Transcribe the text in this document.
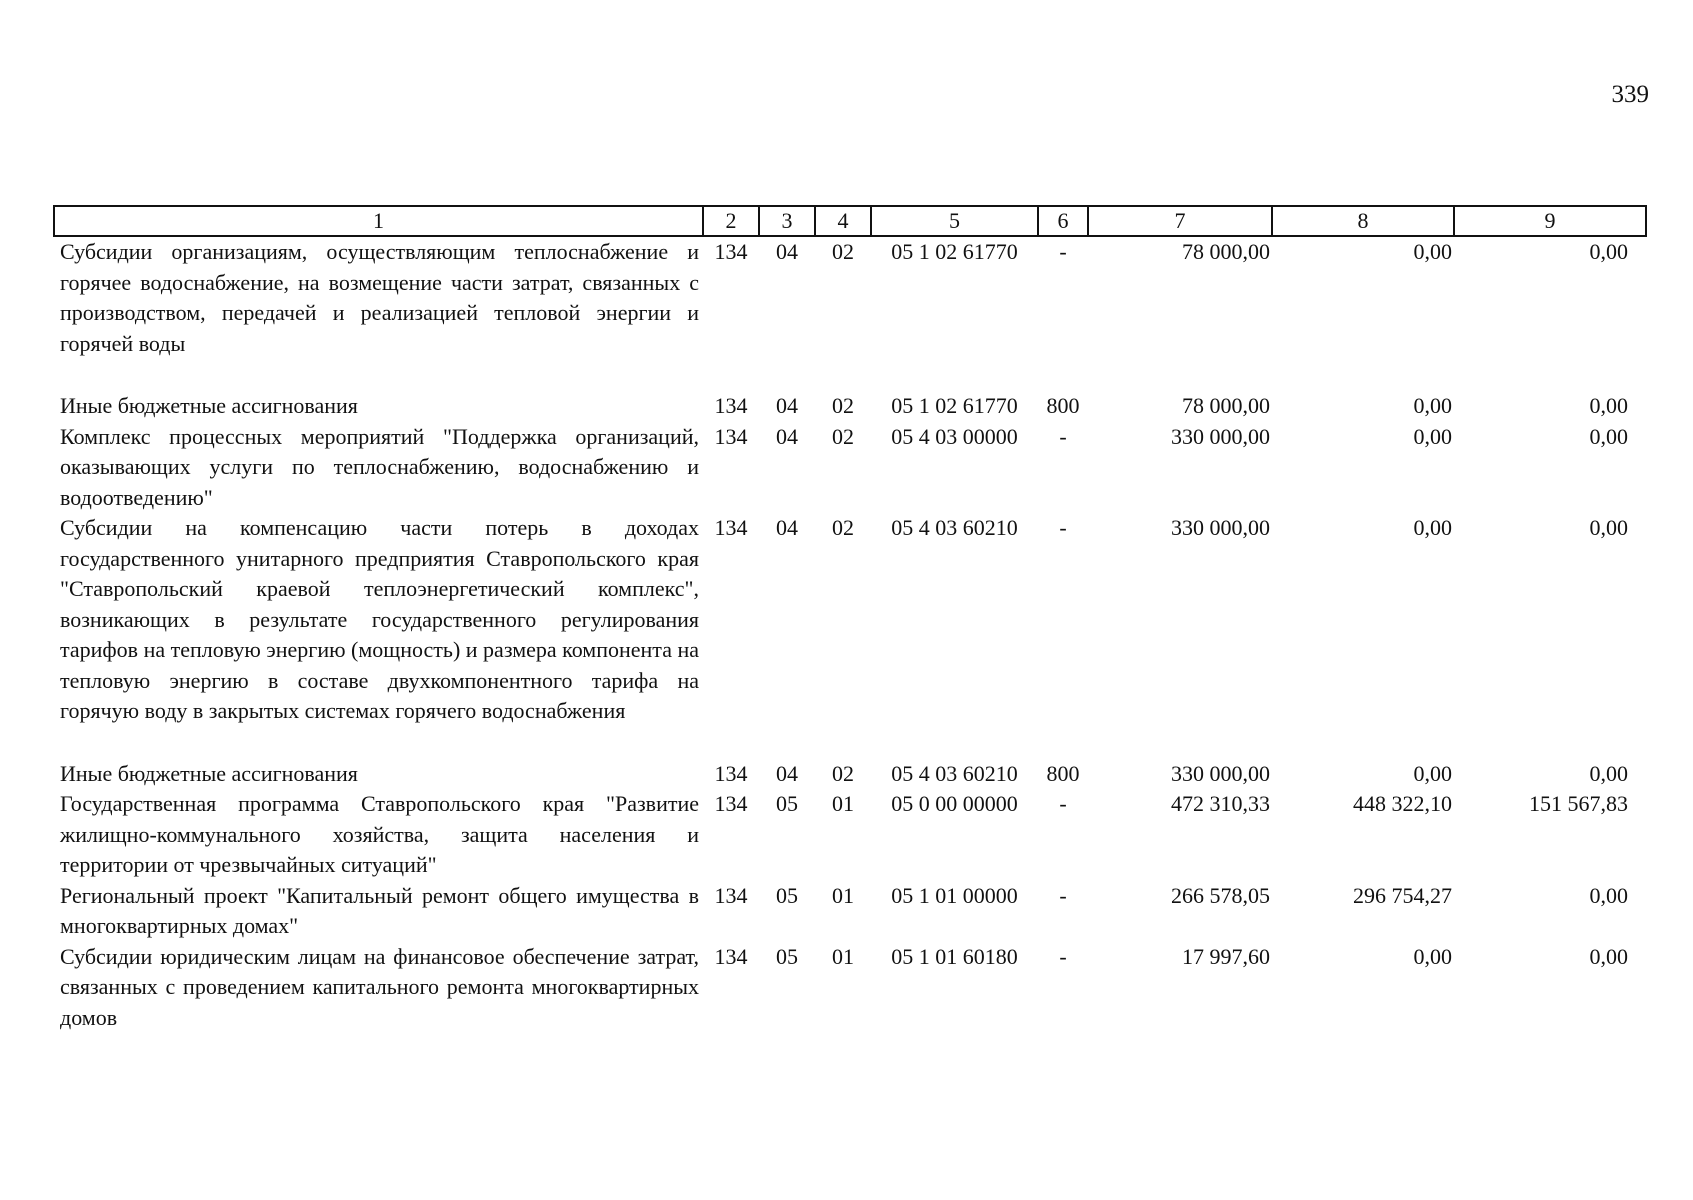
339
1	2	3	4	5	6	7	8	9
Субсидии организациям, осуществляющим теплоснабжение и горячее водоснабжение, на возмещение части затрат, связанных с производством, передачей и реализацией тепловой энергии и горячей воды	134	04	02	05 1 02 61770	-	78 000,00	0,00	0,00
Иные бюджетные ассигнования	134	04	02	05 1 02 61770	800	78 000,00	0,00	0,00
Комплекс процессных мероприятий "Поддержка организаций, оказывающих услуги по теплоснабжению, водоснабжению и водоотведению"	134	04	02	05 4 03 00000	-	330 000,00	0,00	0,00
Субсидии на компенсацию части потерь в доходах государственного унитарного предприятия Ставропольского края "Ставропольский краевой теплоэнергетический комплекс", возникающих в результате государственного регулирования тарифов на тепловую энергию (мощность) и размера компонента на тепловую энергию в составе двухкомпонентного тарифа на горячую воду в закрытых системах горячего водоснабжения	134	04	02	05 4 03 60210	-	330 000,00	0,00	0,00
Иные бюджетные ассигнования	134	04	02	05 4 03 60210	800	330 000,00	0,00	0,00
Государственная программа Ставропольского края "Развитие жилищно-коммунального хозяйства, защита населения и территории от чрезвычайных ситуаций"	134	05	01	05 0 00 00000	-	472 310,33	448 322,10	151 567,83
Региональный проект "Капитальный ремонт общего имущества в многоквартирных домах"	134	05	01	05 1 01 00000	-	266 578,05	296 754,27	0,00
Субсидии юридическим лицам на финансовое обеспечение затрат, связанных с проведением капитального ремонта многоквартирных домов	134	05	01	05 1 01 60180	-	17 997,60	0,00	0,00
